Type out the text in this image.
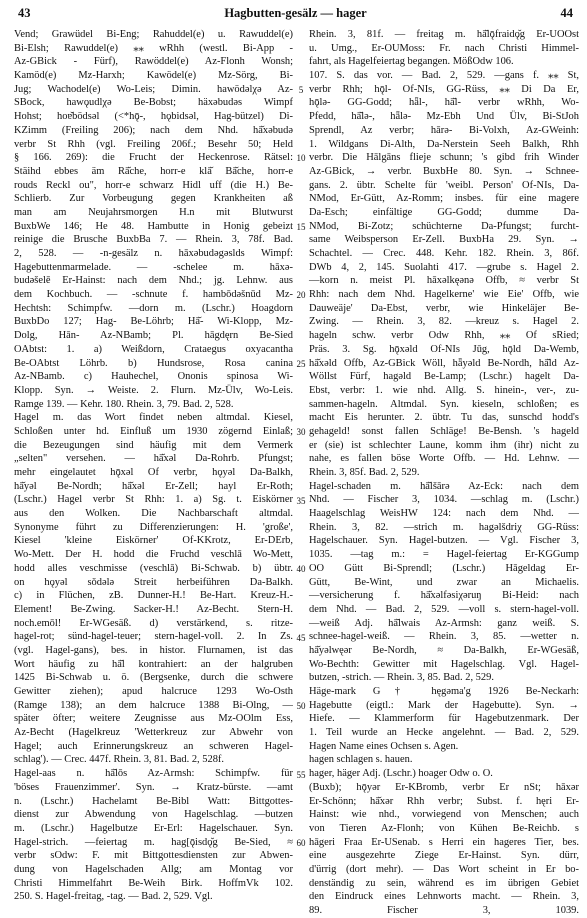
43	Hagbutten-gesälz — hager	44
Vend; Grawüdel Bi-Eng; Rahuddel(e) u. Rawuddel(e)
Bi-Elsh; Rawuddel(e) ⁎⁎ wRhh (westl. Bi-App -
Az-GBick - Fürf), Rawöddel(e) Az-Flonh Wonsh;
Kamöd(e) Mz-Harxh; Kawödel(e) Mz-Sörg, Bi-
Jug; Wachodel(e) Wo-Leis; Dimin. hawödəlχə Az-
SBock, hawǫudlχə Be-Bobst; häxəbudəs Wimpf
Hohst; hoɐ̆bödsəl (<*hǭ-, hǫbidsəl, Hag-bützel) Di-
KZimm (Freiling 206); nach dem Nhd. hā̆xəbudə
verbr St Rhh (vgl. Freiling 206f.; Besehr 50; Held
§ 166. 269): die Frucht der Heckenrose. Rätsel:
Stäihd ebbes äm Rā̆che, horr-e klā̆ Bā̆che, horr-e
rouds Reckl ou", horr-e schwarz Hidl uff (die H.) Be-
Schlierb. Zur Vorbeugung gegen Krankheiten aß
man am Neujahrsmorgen H.n mit Blutwurst
BuxbWe 146; He 48. Hambutte in Honig gebeizt
reinige die Brusche BuxbBa 7. — Rhein. 3, 78f. Bad.
2, 528. — -n-gesälz n. hāxəbudəgəslds Wimpf:
Hagebuttenmarmelade. — -schelee m. hāxə-
budəšelē Er-Hainst: nach dem Nhd.; jg. Lehnw. aus
dem Kochbuch. — -schnute f. hambōdəšnūd Mz-
Hechtsh: Schimpfw. —dorn m. (Lschr.) Hoagdorn
BuxbDo 127; Hag- Be-Löhrb; Hā̆- Wi-Klopp, Mz-
Dolg, Hān- Az-NBamb; Pl. hāgdęrn Be-Sied
OAbtst: 1. a) Weißdorn, Crataegus oxyacantha
Be-OAbtst Löhrb. b) Hundsrose, Rosa canina
Az-NBamb. c) Hauhechel, Ononis spinosa Wi-
Klopp. Syn. → Weiste. 2. Flurn. Mz-Ülv, Wo-Leis.
Ramge 139. — Kehr. 180. Rhein. 3, 79. Bad. 2, 528.
Hagel m. das Wort findet neben altmdal. Kiesel,
Schloßen unter hd. Einfluß um 1930 zögernd Einlaß;
die Bezeugungen sind häufig mit dem Vermerk
„selten" versehen. — hā̆xəl Da-Rohrb. Pfungst;
mehr eingelautet hǭxəl Of verbr, hǫyəl Da-Balkh,
hā̆yəl Be-Nordh; hā̆xəl Er-Zell; hayl Er-Roth;
(Lschr.) Hagel verbr St Rhh: 1. a) Sg. t. Eiskörner
aus den Wolken. Die Nachbarschaft altmdal.
Synonyme führt zu Differenzierungen: H. 'große',
Kiesel 'kleine Eiskörner' Of-KKrotz, Er-DErb,
Wo-Mett. Der H. hodd die Fruchd veschlā Wo-Mett,
hodd alles veschmisse (veschlā) Bi-Schwab. b) übtr.
on hǫyəl sǒdələ Streit herbeiführen Da-Balkh.
c) in Flüchen, zB. Dunner-H.! Be-Hart. Kreuz-H.-
Element! Be-Zwing. Sacker-H.! Az-Becht. Stern-H.
noch.emōl! Er-WGesäß. d) verstärkend, s. ritze-
hagel-rot; sünd-hagel-teuer; stern-hagel-voll. 2. In Zs.
(vgl. Hagel-gans), bes. in histor. Flurnamen, ist das
Wort häufig zu hā̆l kontrahiert: an der halgruben
1425 Bi-Schwab u. ö. (Bergsenke, durch die schwere
Gewitter ziehen); apud halcruce 1293 Wo-Osth
(Ramge 138); an dem halcruce 1388 Bi-Olng, —
später öfter; weitere Zeugnisse aus Mz-OOlm Ess,
Az-Becht (Hagelkreuz 'Wetterkreuz zur Abwehr von
Hagel; auch Erinnerungskreuz an schweren Hagel-
schlag'). — Crec. 447f. Rhein. 3, 81. Bad. 2, 528f.
Hagel-aas n. hā̆lōs Az-Armsh: Schimpfw. für
'böses Frauenzimmer'. Syn. → Kratz-bürste. —amt
n. (Lschr.) Hachelamt Be-Bibl Watt: Bittgottes-
dienst zur Abwendung von Hagelschlag. —butzen
m. (Lschr.) Hagelbutze Er-Erl: Hagelschauer. Syn.
Hagel-strich. —feiertag m. hag[ǭisdǫ̆g Be-Sied, ≈
verbr sOdw: F. mit Bittgottesdiensten zur Abwen-
dung von Hagelschaden Allg; am Montag vor
Christi Himmelfahrt Be-Weih Birk. HoffmVk 102.
250. S. Hagel-freitag, -tag. — Bad. 2, 529. Vgl.
5
10
15
20
25
30
35
40
45
50
55
60
Rhein. 3, 81f. — freitag m. hā̆lǭfraidǫ̆g Er-UOOst
u. Umg., Er-OUMoss: Fr. nach Christi Himmel-
fahrt, als Hagelfeiertag begangen. MößOdw 106.
107. S. das vor. — Bad. 2, 529. —gans f. ⁎⁎ St,
verbr Rhh; hǭl- Of-NIs, GG-Rüss, ⁎⁎ Di Da Er,
hǭlə- GG-Godd; hǟl-, hā̆l- verbr wRhh, Wo-
Pfedd, hā̆lə-, hǟlə- Mz-Ebh Und Ülv, Bi-StJoh
Sprendl, Az verbr; hārə- Bi-Volxh, Az-GWeinh:
1. Wildgans Di-Alth, Da-Nerstein Seeh Balkh, Rhh
verbr. Die Hālgāns flieje schunn; 's gibd frih Winder
Az-GBick, → verbr. BuxbHe 80. Syn. → Schnee-
gans. 2. übtr. Schelte für 'weibl. Person' Of-NIs, Da-
NMod, Er-Gütt, Az-Romm; insbes. für eine magere
Da-Esch; einfältige GG-Godd; dumme Da-
NMod, Bi-Zotz; schüchterne Da-Pfungst; furcht-
same Weibsperson Er-Zell. BuxbHa 29. Syn. →
Schachtel. — Crec. 448. Kehr. 182. Rhein. 3, 86f.
DWb 4, 2, 145. Suolahti 417. —grube s. Hagel 2.
—korn n. meist Pl. hāxəlkęənə Offb, ≈ verbr St
Rhh: nach dem Nhd. Hagelkerne' wie Eie' Offb, wie
Dauweäje' Da-Ebst, verbr, wie Hinkeläjer Be-
Zwing. — Rhein. 3, 82. —kreuz s. Hagel 2.
hageln schw. verbr Odw Rhh, ⁎⁎ Of sRied;
Präs. 3. Sg. hǭxəld Of-NIs Jūg, hǭld Da-Wemb,
hā̆xəld Offb, Az-GBick Wöll, hǟyəld Be-Nordh, hā̆ld Az-
Wöllst Fürf, hagəld Be-Lamp; (Lschr.) hagelt Da-
Ebst, verbr: 1. wie nhd. Allg. S. hinein-, ver-, zu-
sammen-hageln. Altmdal. Syn. kieseln, schloßen; es
macht Eis herunter. 2. übtr. Tu das, sunschd hodd's
gehageld! sonst fallen Schläge! Be-Bensh. 's hageld
er (sie) ist schlechter Laune, komm ihm (ihr) nicht zu
nahe, es fallen böse Worte Offb. — Hd. Lehnw. —
Rhein. 3, 85f. Bad. 2, 529.
Hagel-schaden m. hā̆lšārə Az-Eck: nach dem
Nhd. — Fischer 3, 1034. —schlag m. (Lschr.)
Haagelschlag WeisHW 124: nach dem Nhd. —
Rhein. 3, 82. —strich m. hagəlšdriχ GG-Rüss:
Hagelschauer. Syn. Hagel-butzen. — Vgl. Fischer 3,
1035. —tag m.: = Hagel-feiertag Er-KGGump
OO Gütt Bi-Sprendl; (Lschr.) Hāgeldag Er-
Gütt, Be-Wint, und zwar an Michaelis.
—versicherung f. hā̆xəlfəsiχəruŋ Bi-Heid: nach
dem Nhd. — Bad. 2, 529. —voll s. stern-hagel-voll.
—weiß Adj. hā̆lwais Az-Armsh: ganz weiß. S.
schnee-hagel-weiß. — Rhein. 3, 85. —wetter n.
hā̆yəlwęər Be-Nordh, ≈ Da-Balkh, Er-WGesäß,
Wo-Bechth: Gewitter mit Hagelschlag. Vgl. Hagel-
butzen, -strich. — Rhein. 3, 85. Bad. 2, 529.
Häge-mark G† hęgəma'g 1926 Be-Neckarh:
Hagebutte (eigtl.: Mark der Hagebutte). Syn. →
Hiefe. — Klammerform für Hagebutzenmark. Der
1. Teil wurde an Hecke angelehnt. — Bad. 2, 529.
Hagen Name eines Ochsen s. Agen.
hagen schlagen s. hauen.
hager, häger Adj. (Lschr.) hoager Odw o. O.
(Buxb); hǭyər Er-KBromb, verbr Er nSt; hāxər
Er-Schönn; hā̆xər Rhh verbr; Subst. f. hęri Er-
Hainst: wie nhd., vorwiegend von Menschen; auch
von Tieren Az-Flonh; von Kühen Be-Reichb. s
hāgeri Fraa Er-USenab. s Herri ein hageres Tier, bes.
eine ausgezehrte Ziege Er-Hainst. Syn. dürr,
d'ürrig (dort mehr). — Das Wort scheint in Er bo-
denständig zu sein, während es im übrigen Gebiet
den Eindruck eines Lehnworts macht. — Rhein. 3,
89. Fischer 3, 1039.
